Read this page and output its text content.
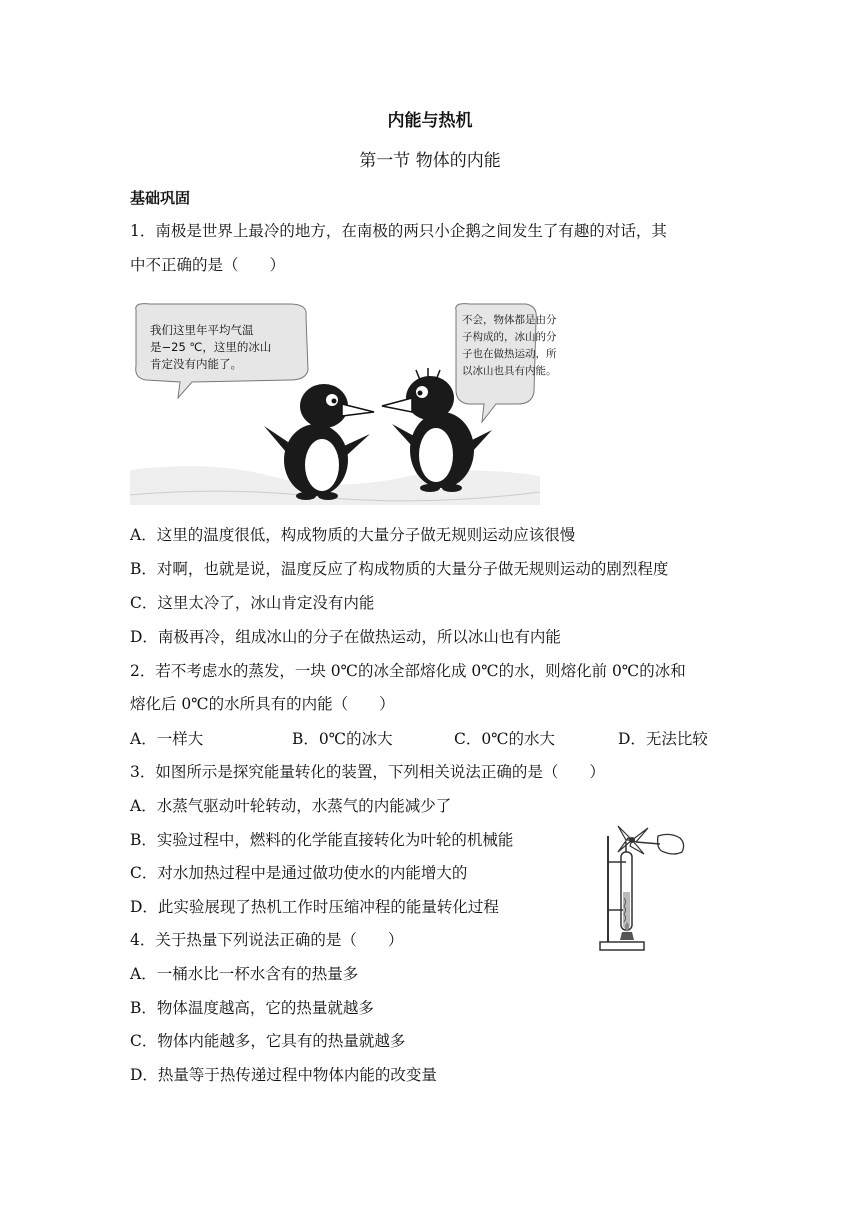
内能与热机
第一节 物体的内能
基础巩固
1．南极是世界上最冷的地方，在南极的两只小企鹅之间发生了有趣的对话，其
中不正确的是（　　）
我们这里年平均气温
是−25 ℃，这里的冰山
肯定没有内能了。
不会，物体都是由分
子构成的，冰山的分
子也在做热运动，所
以冰山也具有内能。
A．这里的温度很低，构成物质的大量分子做无规则运动应该很慢
B．对啊，也就是说，温度反应了构成物质的大量分子做无规则运动的剧烈程度
C．这里太冷了，冰山肯定没有内能
D．南极再冷，组成冰山的分子在做热运动，所以冰山也有内能
2．若不考虑水的蒸发，一块 0℃的冰全部熔化成 0℃的水，则熔化前 0℃的冰和
熔化后 0℃的水所具有的内能（　　）
A．一样大	B．0℃的冰大	C．0℃的水大	D．无法比较
3．如图所示是探究能量转化的装置，下列相关说法正确的是（　　）
A．水蒸气驱动叶轮转动，水蒸气的内能减少了
B．实验过程中，燃料的化学能直接转化为叶轮的机械能
C．对水加热过程中是通过做功使水的内能增大的
D．此实验展现了热机工作时压缩冲程的能量转化过程
4．关于热量下列说法正确的是（　　）
A．一桶水比一杯水含有的热量多
B．物体温度越高，它的热量就越多
C．物体内能越多，它具有的热量就越多
D．热量等于热传递过程中物体内能的改变量
